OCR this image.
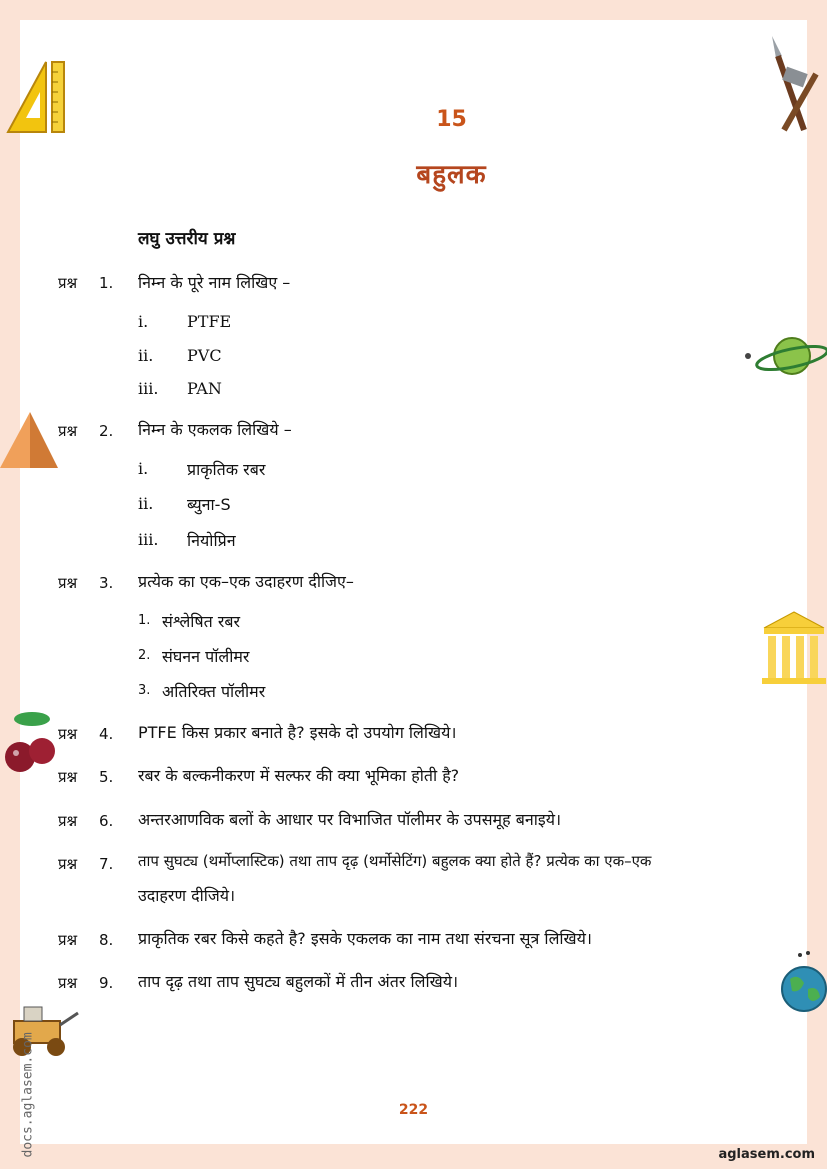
15
बहुलक
लघु उत्तरीय प्रश्न
प्रश्न 1. निम्न के पूरे नाम लिखिए –
i. PTFE
ii. PVC
iii. PAN
प्रश्न 2. निम्न के एकलक लिखिये –
i. प्राकृतिक रबर
ii. ब्युना-S
iii. नियोप्रिन
प्रश्न 3. प्रत्येक का एक–एक उदाहरण दीजिए–
1. संश्लेषित रबर
2. संघनन पॉलीमर
3. अतिरिक्त पॉलीमर
प्रश्न 4. PTFE किस प्रकार बनाते है? इसके दो उपयोग लिखिये।
प्रश्न 5. रबर के बल्कनीकरण में सल्फर की क्या भूमिका होती है?
प्रश्न 6. अन्तरआणविक बलों के आधार पर विभाजित पॉलीमर के उपसमूह बनाइये।
प्रश्न 7. ताप सुघट्य (थर्मोप्लास्टिक) तथा ताप दृढ़ (थर्मोसेटिंग) बहुलक क्या होते हैं? प्रत्येक का एक–एक
उदाहरण दीजिये।
प्रश्न 8. प्राकृतिक रबर किसे कहते है? इसके एकलक का नाम तथा संरचना सूत्र लिखिये।
प्रश्न 9. ताप दृढ़ तथा ताप सुघट्य बहुलकों में तीन अंतर लिखिये।
222
aglasem.com
docs.aglasem.com
